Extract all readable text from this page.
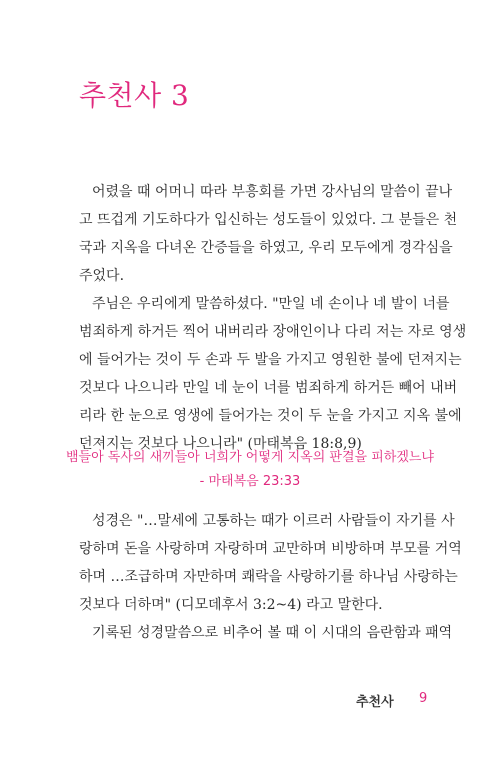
추천사 3
어렸을 때 어머니 따라 부흥회를 가면 강사님의 말씀이 끝나
고 뜨겁게 기도하다가 입신하는 성도들이 있었다. 그 분들은 천
국과 지옥을 다녀온 간증들을 하였고, 우리 모두에게 경각심을
주었다.
주님은 우리에게 말씀하셨다. "만일 네 손이나 네 발이 너를
범죄하게 하거든 찍어 내버리라 장애인이나 다리 저는 자로 영생
에 들어가는 것이 두 손과 두 발을 가지고 영원한 불에 던져지는
것보다 나으니라 만일 네 눈이 너를 범죄하게 하거든 빼어 내버
리라 한 눈으로 영생에 들어가는 것이 두 눈을 가지고 지옥 불에
던져지는 것보다 나으니라" (마태복음 18:8,9)
뱀들아 독사의 새끼들아 너희가 어떻게 지옥의 판결을 피하겠느냐
- 마태복음 23:33
성경은 "…말세에 고통하는 때가 이르러 사람들이 자기를 사
랑하며 돈을 사랑하며 자랑하며 교만하며 비방하며 부모를 거역
하며 …조급하며 자만하며 쾌락을 사랑하기를 하나님 사랑하는
것보다 더하며" (디모데후서 3:2~4) 라고 말한다.
기록된 성경말씀으로 비추어 볼 때 이 시대의 음란함과 패역
추천사 9
